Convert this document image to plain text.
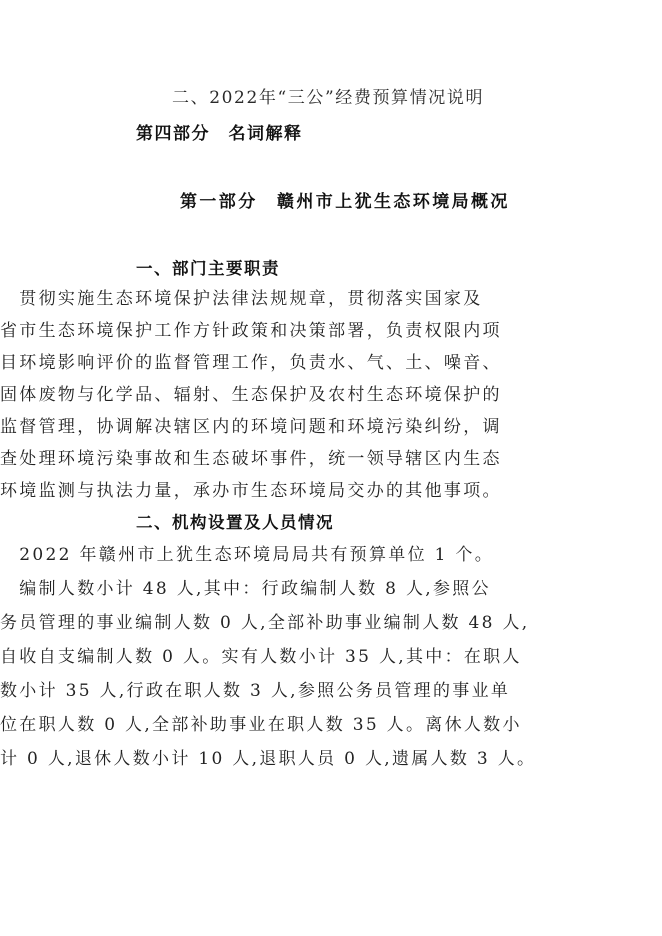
二、2022年“三公”经费预算情况说明
第四部分　名词解释
第一部分　赣州市上犹生态环境局概况
一、部门主要职责
　贯彻实施生态环境保护法律法规规章，贯彻落实国家及
省市生态环境保护工作方针政策和决策部署，负责权限内项
目环境影响评价的监督管理工作，负责水、气、土、噪音、
固体废物与化学品、辐射、生态保护及农村生态环境保护的
监督管理，协调解决辖区内的环境问题和环境污染纠纷，调
查处理环境污染事故和生态破坏事件，统一领导辖区内生态
环境监测与执法力量，承办市生态环境局交办的其他事项。
二、机构设置及人员情况
　2022 年赣州市上犹生态环境局局共有预算单位 1 个。
　编制人数小计 48 人,其中：行政编制人数 8 人,参照公
务员管理的事业编制人数 0 人,全部补助事业编制人数 48 人,
自收自支编制人数 0 人。实有人数小计 35 人,其中：在职人
数小计 35 人,行政在职人数 3 人,参照公务员管理的事业单
位在职人数 0 人,全部补助事业在职人数 35 人。离休人数小
计 0 人,退休人数小计 10 人,退职人员 0 人,遗属人数 3 人。
